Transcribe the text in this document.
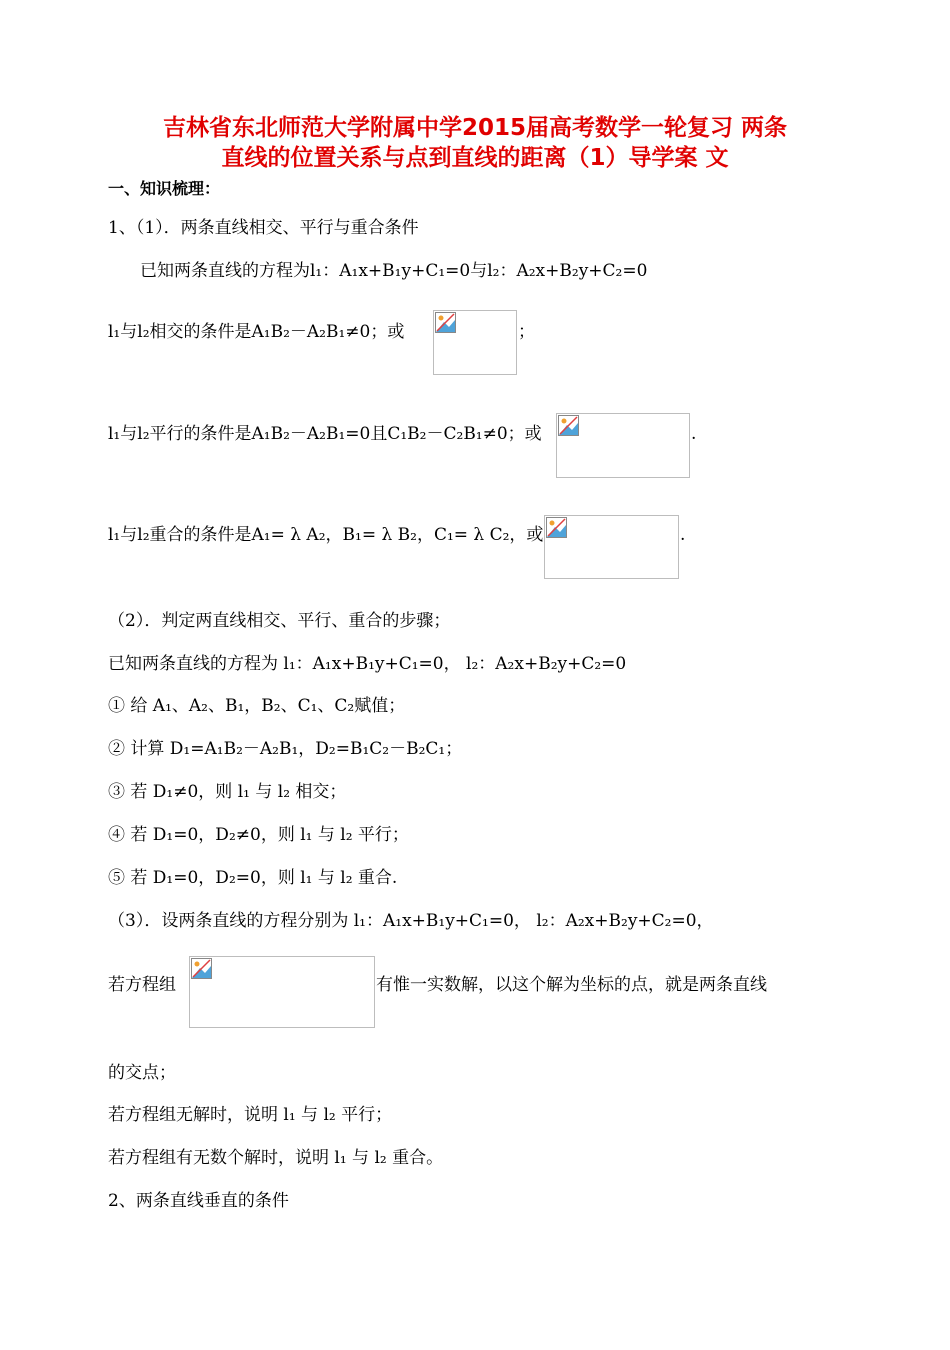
吉林省东北师范大学附属中学2015届高考数学一轮复习 两条
直线的位置关系与点到直线的距离（1）导学案 文
一、知识梳理：
1、（1）．两条直线相交、平行与重合条件
已知两条直线的方程为l₁：A₁x+B₁y+C₁=0与l₂：A₂x+B₂y+C₂=0
l₁与l₂相交的条件是A₁B₂－A₂B₁≠0；或	；
l₁与l₂平行的条件是A₁B₂－A₂B₁=0且C₁B₂－C₂B₁≠0；或	.
l₁与l₂重合的条件是A₁= λ A₂，B₁= λ B₂，C₁= λ C₂，或	.
（2）．判定两直线相交、平行、重合的步骤；
已知两条直线的方程为 l₁：A₁x+B₁y+C₁=0， l₂：A₂x+B₂y+C₂=0
① 给 A₁、A₂、B₁，B₂、C₁、C₂赋值；
② 计算 D₁=A₁B₂－A₂B₁，D₂=B₁C₂－B₂C₁；
③ 若 D₁≠0，则 l₁ 与 l₂ 相交；
④ 若 D₁=0，D₂≠0，则 l₁ 与 l₂ 平行；
⑤ 若 D₁=0，D₂=0，则 l₁ 与 l₂ 重合.
（3）．设两条直线的方程分别为 l₁：A₁x+B₁y+C₁=0， l₂：A₂x+B₂y+C₂=0，
若方程组	有惟一实数解，以这个解为坐标的点，就是两条直线
的交点；
若方程组无解时，说明 l₁ 与 l₂ 平行；
若方程组有无数个解时，说明 l₁ 与 l₂ 重合。
2、两条直线垂直的条件
